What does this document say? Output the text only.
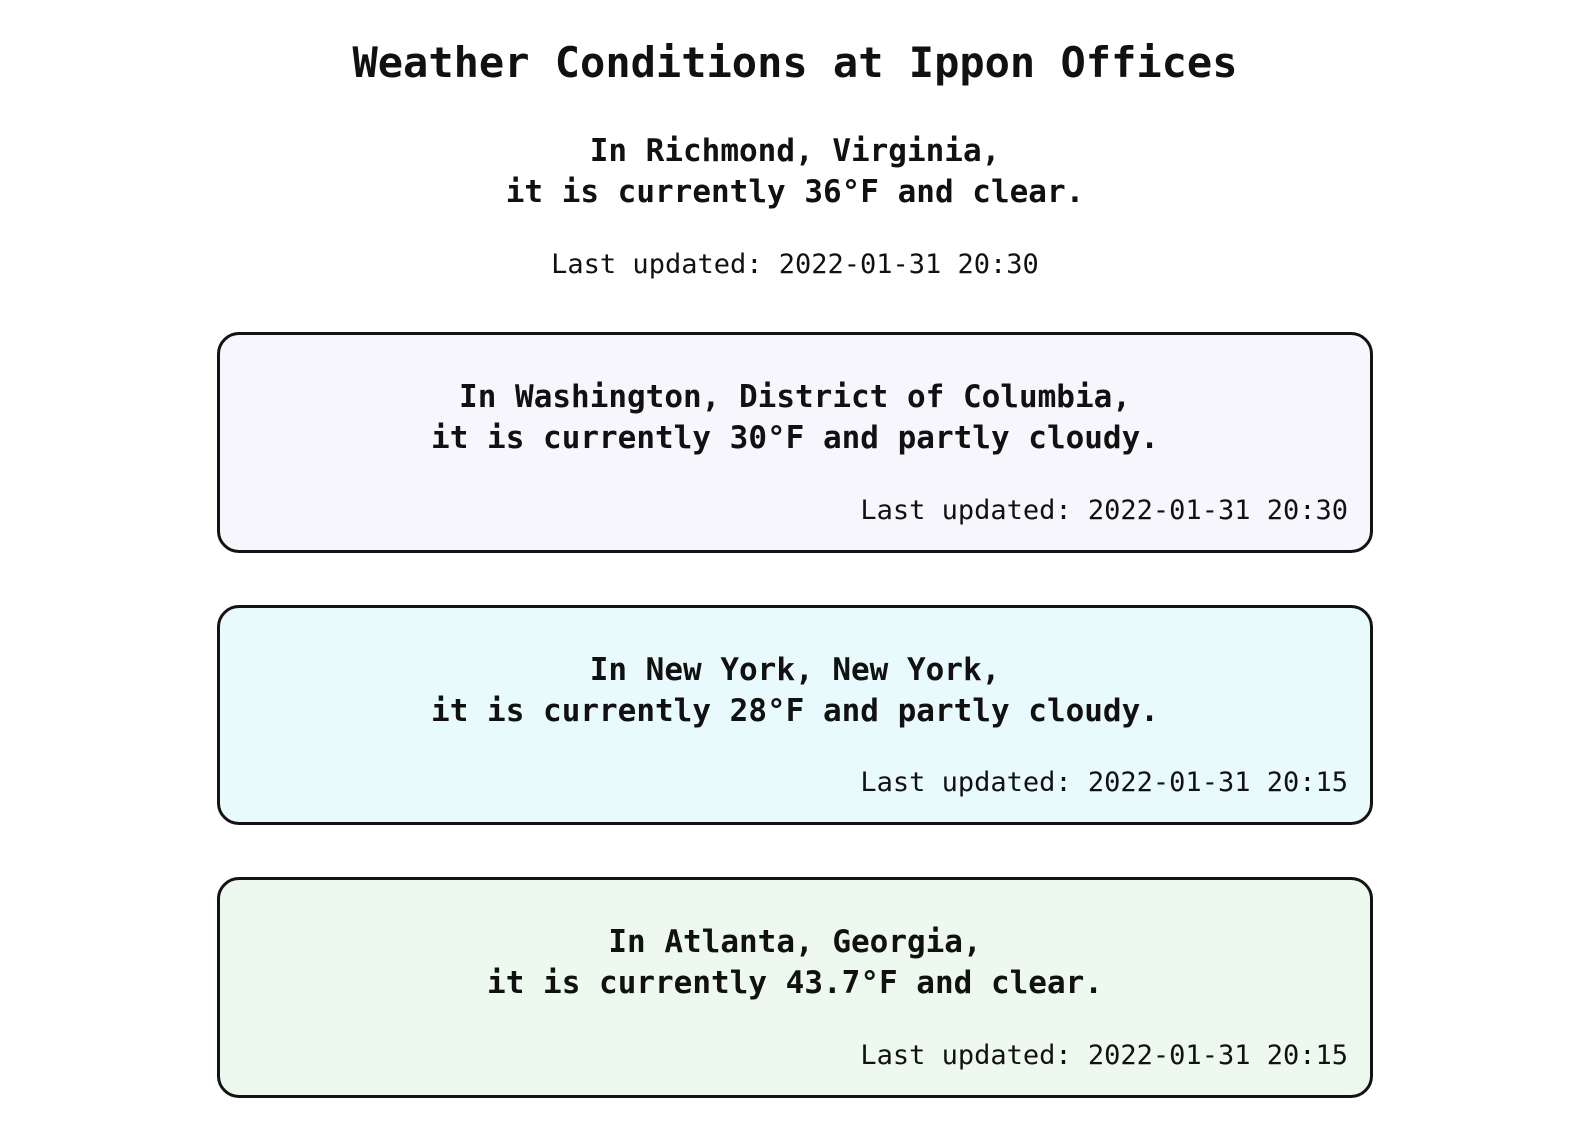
Weather Conditions at Ippon Offices

In Richmond, Virginia,
it is currently 36°F and clear.

Last updated: 2022-01-31 20:30

In Washington, District of Columbia,
it is currently 30°F and partly cloudy.

Last updated: 2022-01-31 20:30

In New York, New York,
it is currently 28°F and partly cloudy.

Last updated: 2022-01-31 20:15

In Atlanta, Georgia,
it is currently 43.7°F and clear.

Last updated: 2022-01-31 20:15
